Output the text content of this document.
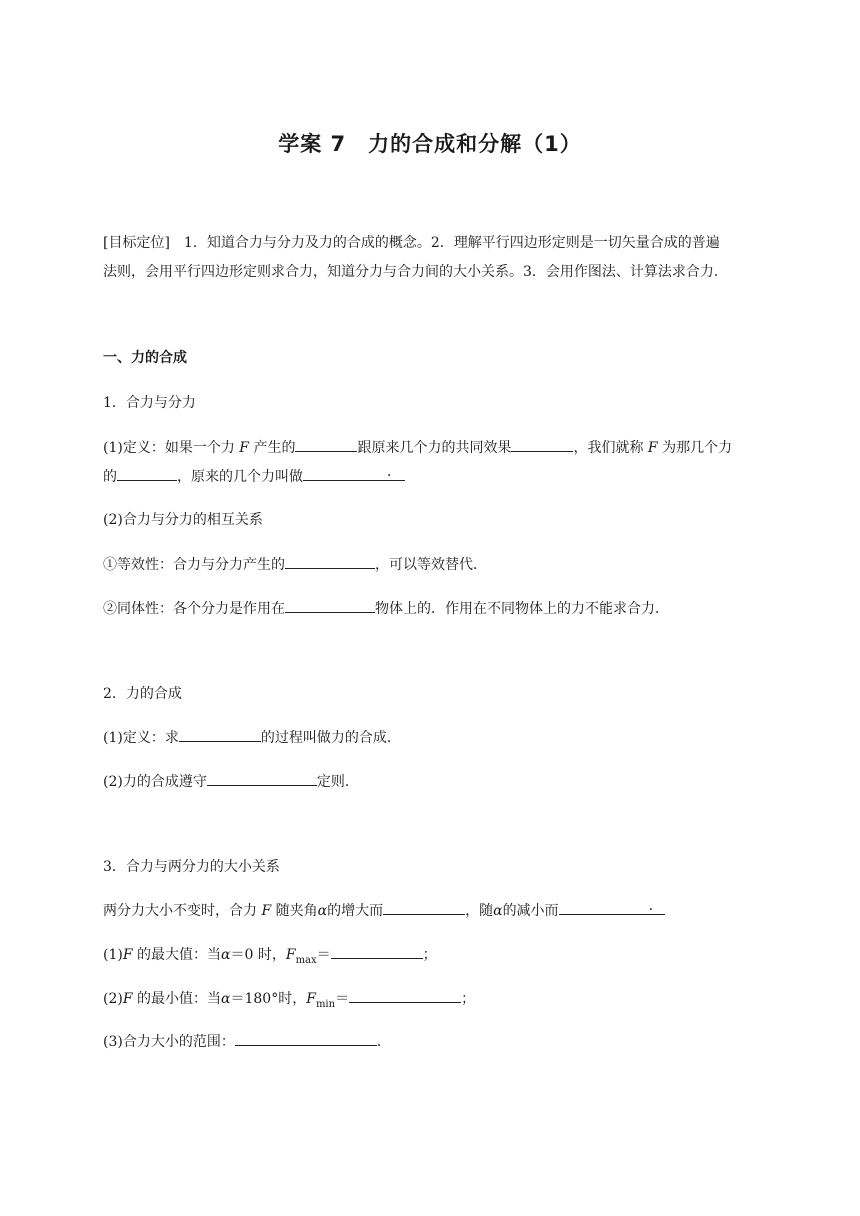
学案 7　力的合成和分解（1）
[目标定位]　1．知道合力与分力及力的合成的概念。2．理解平行四边形定则是一切矢量合成的普遍
法则，会用平行四边形定则求合力，知道分力与合力间的大小关系。3．会用作图法、计算法求合力．
一、力的合成
1．合力与分力
(1)定义：如果一个力 F 产生的	跟原来几个力的共同效果	，我们就称 F 为那几个力
的	，原来的几个力叫做	．
(2)合力与分力的相互关系
①等效性：合力与分力产生的	，可以等效替代．
②同体性：各个分力是作用在	物体上的．作用在不同物体上的力不能求合力．
2．力的合成
(1)定义：求	的过程叫做力的合成．
(2)力的合成遵守	定则．
3．合力与两分力的大小关系
两分力大小不变时，合力 F 随夹角α的增大而	，随α的减小而	．
(1)F 的最大值：当α＝0 时，$F_{max}=$	；
(2)F 的最小值：当α＝180°时，$F_{min}=$	；
(3)合力大小的范围：	．
